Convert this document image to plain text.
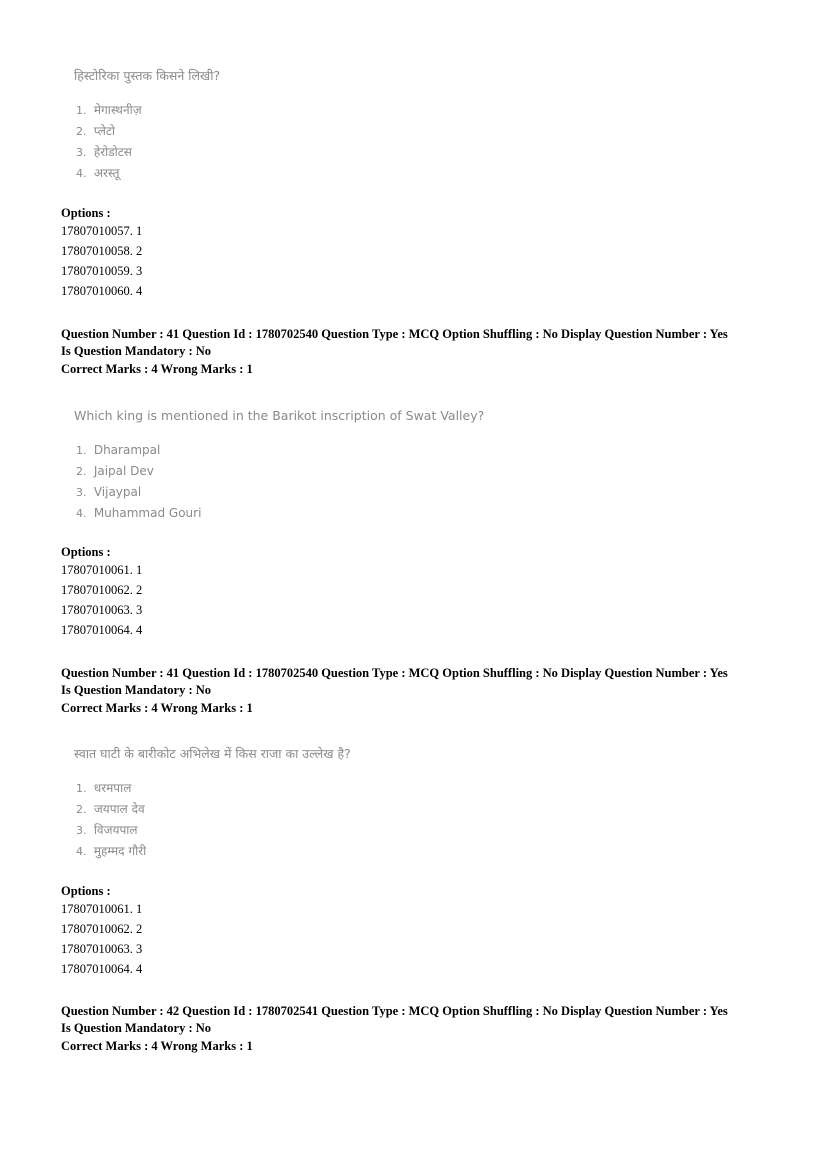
हिस्टोरिका पुस्तक किसने लिखी?
1. मेगास्थनीज़
2. प्लेटो
3. हेरोडोटस
4. अरस्तू
Options :
17807010057. 1
17807010058. 2
17807010059. 3
17807010060. 4
Question Number : 41 Question Id : 1780702540 Question Type : MCQ Option Shuffling : No Display Question Number : Yes
Is Question Mandatory : No
Correct Marks : 4 Wrong Marks : 1
Which king is mentioned in the Barikot inscription of Swat Valley?
1. Dharampal
2. Jaipal Dev
3. Vijaypal
4. Muhammad Gouri
Options :
17807010061. 1
17807010062. 2
17807010063. 3
17807010064. 4
Question Number : 41 Question Id : 1780702540 Question Type : MCQ Option Shuffling : No Display Question Number : Yes
Is Question Mandatory : No
Correct Marks : 4 Wrong Marks : 1
स्वात घाटी के बारीकोट अभिलेख में किस राजा का उल्लेख है?
1. धरमपाल
2. जयपाल देव
3. विजयपाल
4. मुहम्मद गौरी
Options :
17807010061. 1
17807010062. 2
17807010063. 3
17807010064. 4
Question Number : 42 Question Id : 1780702541 Question Type : MCQ Option Shuffling : No Display Question Number : Yes
Is Question Mandatory : No
Correct Marks : 4 Wrong Marks : 1
